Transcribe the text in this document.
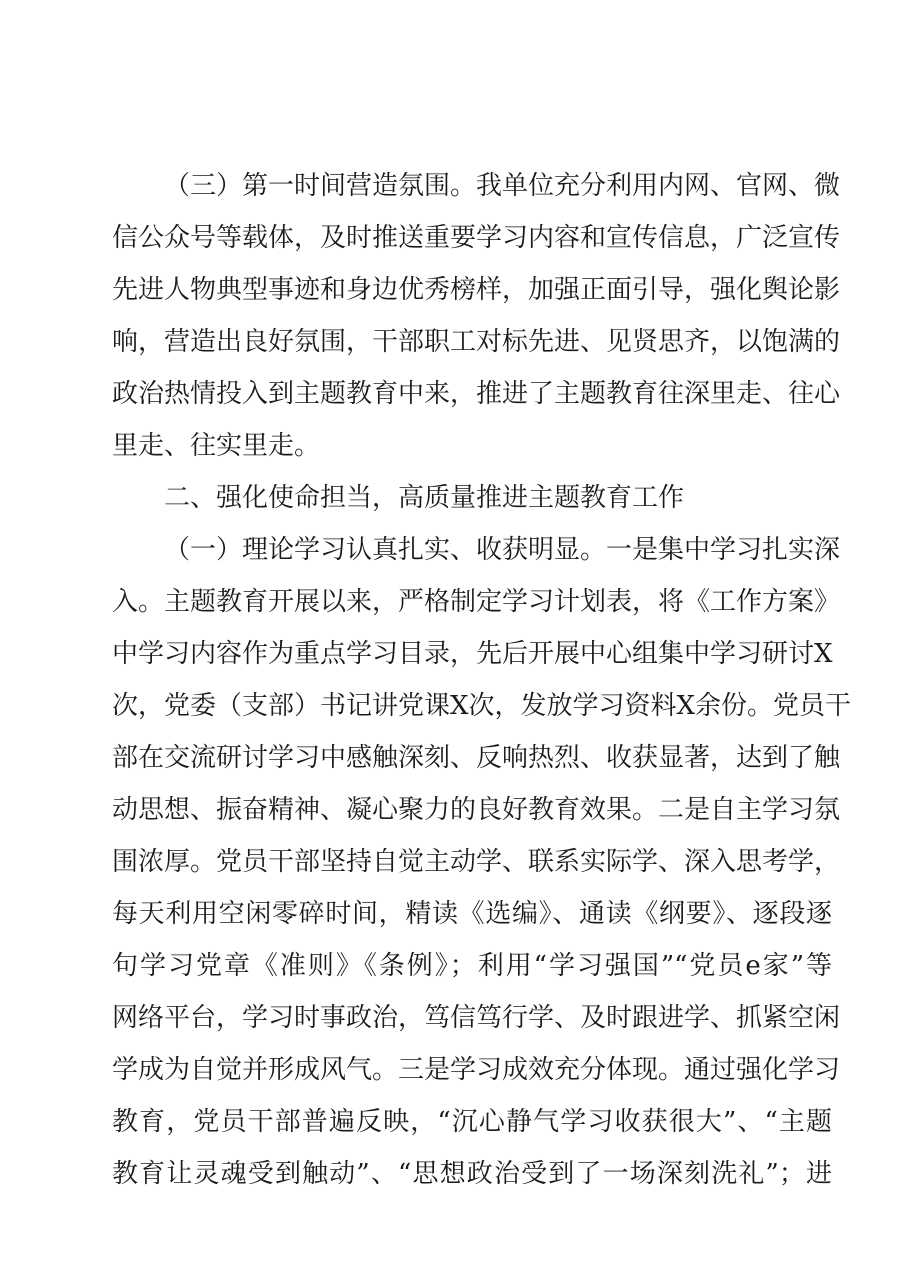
（三）第一时间营造氛围。我单位充分利用内网、官网、微
信公众号等载体，及时推送重要学习内容和宣传信息，广泛宣传
先进人物典型事迹和身边优秀榜样，加强正面引导，强化舆论影
响，营造出良好氛围，干部职工对标先进、见贤思齐，以饱满的
政治热情投入到主题教育中来，推进了主题教育往深里走、往心
里走、往实里走。
二、强化使命担当，高质量推进主题教育工作
（一）理论学习认真扎实、收获明显。一是集中学习扎实深
入。主题教育开展以来，严格制定学习计划表，将《工作方案》
中学习内容作为重点学习目录，先后开展中心组集中学习研讨X
次，党委（支部）书记讲党课X次，发放学习资料X余份。党员干
部在交流研讨学习中感触深刻、反响热烈、收获显著，达到了触
动思想、振奋精神、凝心聚力的良好教育效果。二是自主学习氛
围浓厚。党员干部坚持自觉主动学、联系实际学、深入思考学，
每天利用空闲零碎时间，精读《选编》、通读《纲要》、逐段逐
句学习党章《准则》《条例》；利用“学习强国”“党员e家”等
网络平台，学习时事政治，笃信笃行学、及时跟进学、抓紧空闲
学成为自觉并形成风气。三是学习成效充分体现。通过强化学习
教育，党员干部普遍反映，“沉心静气学习收获很大”、“主题
教育让灵魂受到触动”、“思想政治受到了一场深刻洗礼”；进
